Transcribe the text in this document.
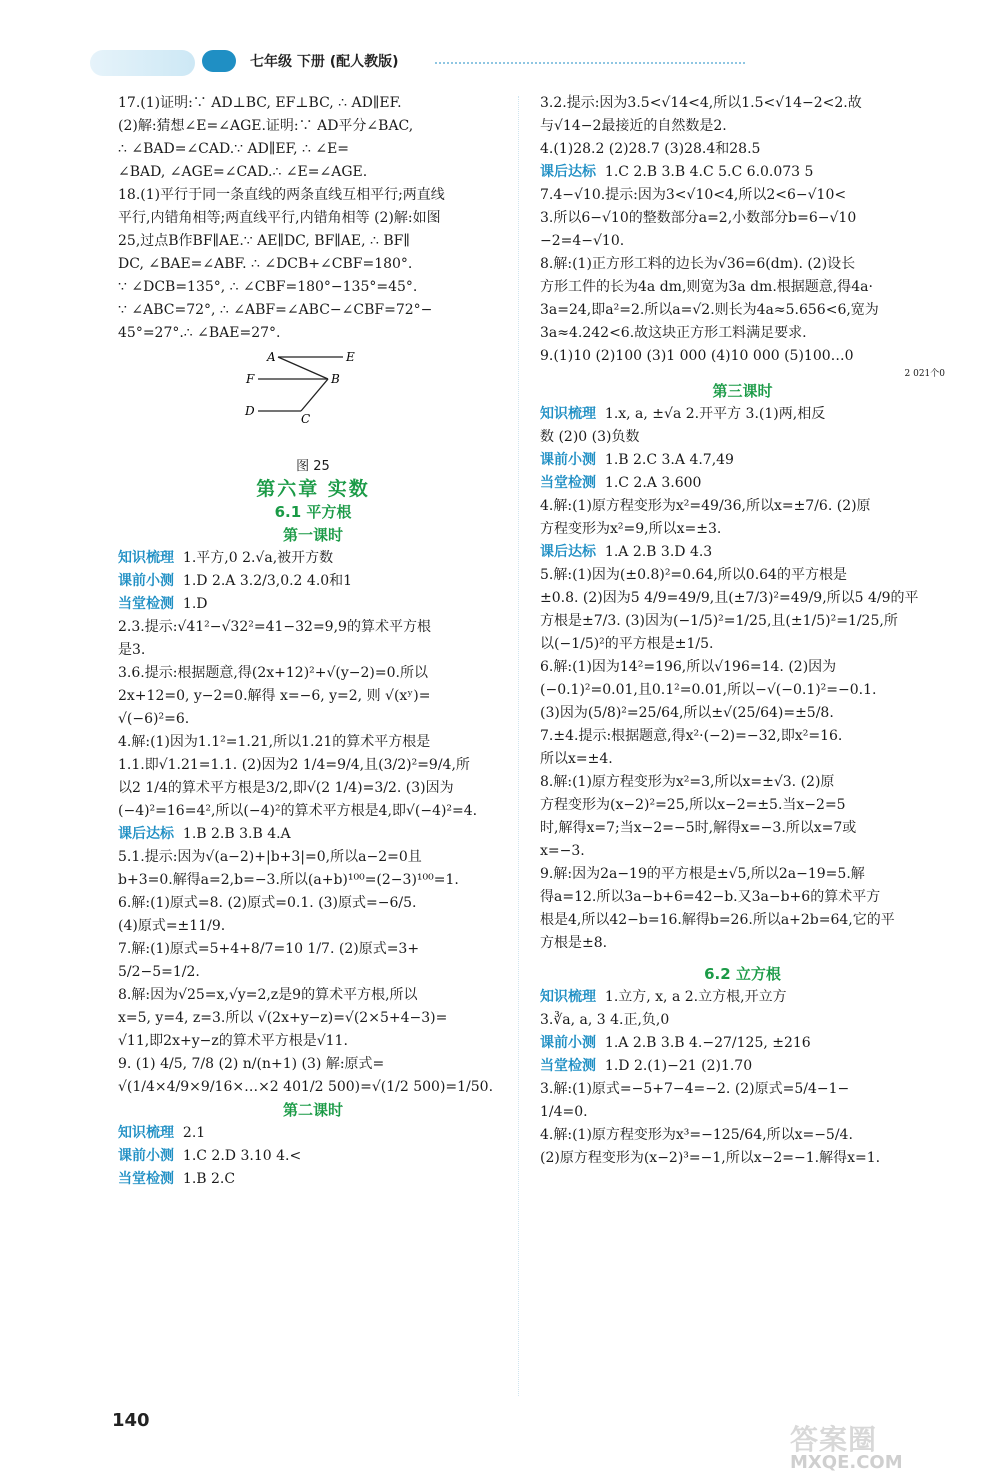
七年级 下册 (配人教版)

17.(1)证明:∵ AD⊥BC, EF⊥BC, ∴ AD∥EF.

(2)解:猜想∠E=∠AGE.证明:∵ AD平分∠BAC,

∴ ∠BAD=∠CAD.∵ AD∥EF, ∴ ∠E=

∠BAD, ∠AGE=∠CAD.∴ ∠E=∠AGE.

18.(1)平行于同一条直线的两条直线互相平行;两直线

平行,内错角相等;两直线平行,内错角相等 (2)解:如图

25,过点B作BF∥AE.∵ AE∥DC, BF∥AE, ∴ BF∥

DC, ∠BAE=∠ABF. ∴ ∠DCB+∠CBF=180°.

∵ ∠DCB=135°, ∴ ∠CBF=180°−135°=45°.

∵ ∠ABC=72°, ∴ ∠ABF=∠ABC−∠CBF=72°−

45°=27°.∴ ∠BAE=27°.

A	E
F	B
D
C

图 25

第六章 实数

6.1 平方根

第一课时

知识梳理 1.平方,0 2.√a,被开方数

课前小测 1.D 2.A 3.2/3,0.2 4.0和1

当堂检测 1.D

2.3.提示:√41²−√32²=41−32=9,9的算术平方根

是3.

3.6.提示:根据题意,得(2x+12)²+√(y−2)=0.所以

2x+12=0, y−2=0.解得 x=−6, y=2, 则 √(xʸ)=

√(−6)²=6.

4.解:(1)因为1.1²=1.21,所以1.21的算术平方根是

1.1.即√1.21=1.1. (2)因为2 1/4=9/4,且(3/2)²=9/4,所

以2 1/4的算术平方根是3/2,即√(2 1/4)=3/2. (3)因为

(−4)²=16=4²,所以(−4)²的算术平方根是4,即√(−4)²=4.

课后达标 1.B 2.B 3.B 4.A

5.1.提示:因为√(a−2)+|b+3|=0,所以a−2=0且

b+3=0.解得a=2,b=−3.所以(a+b)¹⁰⁰=(2−3)¹⁰⁰=1.

6.解:(1)原式=8. (2)原式=0.1. (3)原式=−6/5.

(4)原式=±11/9.

7.解:(1)原式=5+4+8/7=10 1/7. (2)原式=3+

5/2−5=1/2.

8.解:因为√25=x,√y=2,z是9的算术平方根,所以

x=5, y=4, z=3.所以 √(2x+y−z)=√(2×5+4−3)=

√11,即2x+y−z的算术平方根是√11.

9. (1) 4/5, 7/8 (2) n/(n+1) (3) 解:原式=

√(1/4×4/9×9/16×…×2 401/2 500)=√(1/2 500)=1/50.

第二课时

知识梳理 2.1

课前小测 1.C 2.D 3.10 4.<

当堂检测 1.B 2.C

3.2.提示:因为3.5<√14<4,所以1.5<√14−2<2.故

与√14−2最接近的自然数是2.

4.(1)28.2 (2)28.7 (3)28.4和28.5

课后达标 1.C 2.B 3.B 4.C 5.C 6.0.073 5

7.4−√10.提示:因为3<√10<4,所以2<6−√10<

3.所以6−√10的整数部分a=2,小数部分b=6−√10

−2=4−√10.

8.解:(1)正方形工料的边长为√36=6(dm). (2)设长

方形工件的长为4a dm,则宽为3a dm.根据题意,得4a·

3a=24,即a²=2.所以a=√2.则长为4a≈5.656<6,宽为

3a≈4.242<6.故这块正方形工料满足要求.

9.(1)10 (2)100 (3)1 000 (4)10 000 (5)100…0

2 021个0

第三课时

知识梳理 1.x, a, ±√a 2.开平方 3.(1)两,相反

数 (2)0 (3)负数

课前小测 1.B 2.C 3.A 4.7,49

当堂检测 1.C 2.A 3.600

4.解:(1)原方程变形为x²=49/36,所以x=±7/6. (2)原

方程变形为x²=9,所以x=±3.

课后达标 1.A 2.B 3.D 4.3

5.解:(1)因为(±0.8)²=0.64,所以0.64的平方根是

±0.8. (2)因为5 4/9=49/9,且(±7/3)²=49/9,所以5 4/9的平

方根是±7/3. (3)因为(−1/5)²=1/25,且(±1/5)²=1/25,所

以(−1/5)²的平方根是±1/5.

6.解:(1)因为14²=196,所以√196=14. (2)因为

(−0.1)²=0.01,且0.1²=0.01,所以−√(−0.1)²=−0.1.

(3)因为(5/8)²=25/64,所以±√(25/64)=±5/8.

7.±4.提示:根据题意,得x²·(−2)=−32,即x²=16.

所以x=±4.

8.解:(1)原方程变形为x²=3,所以x=±√3. (2)原

方程变形为(x−2)²=25,所以x−2=±5.当x−2=5

时,解得x=7;当x−2=−5时,解得x=−3.所以x=7或

x=−3.

9.解:因为2a−19的平方根是±√5,所以2a−19=5.解

得a=12.所以3a−b+6=42−b.又3a−b+6的算术平方

根是4,所以42−b=16.解得b=26.所以a+2b=64,它的平

方根是±8.

6.2 立方根

知识梳理 1.立方, x, a 2.立方根,开立方

3.∛a, a, 3 4.正,负,0

课前小测 1.A 2.B 3.B 4.−27/125, ±216

当堂检测 1.D 2.(1)−21 (2)1.70

3.解:(1)原式=−5+7−4=−2. (2)原式=5/4−1−

1/4=0.

4.解:(1)原方程变形为x³=−125/64,所以x=−5/4.

(2)原方程变形为(x−2)³=−1,所以x−2=−1.解得x=1.

140
答案圈
MXQE.COM
